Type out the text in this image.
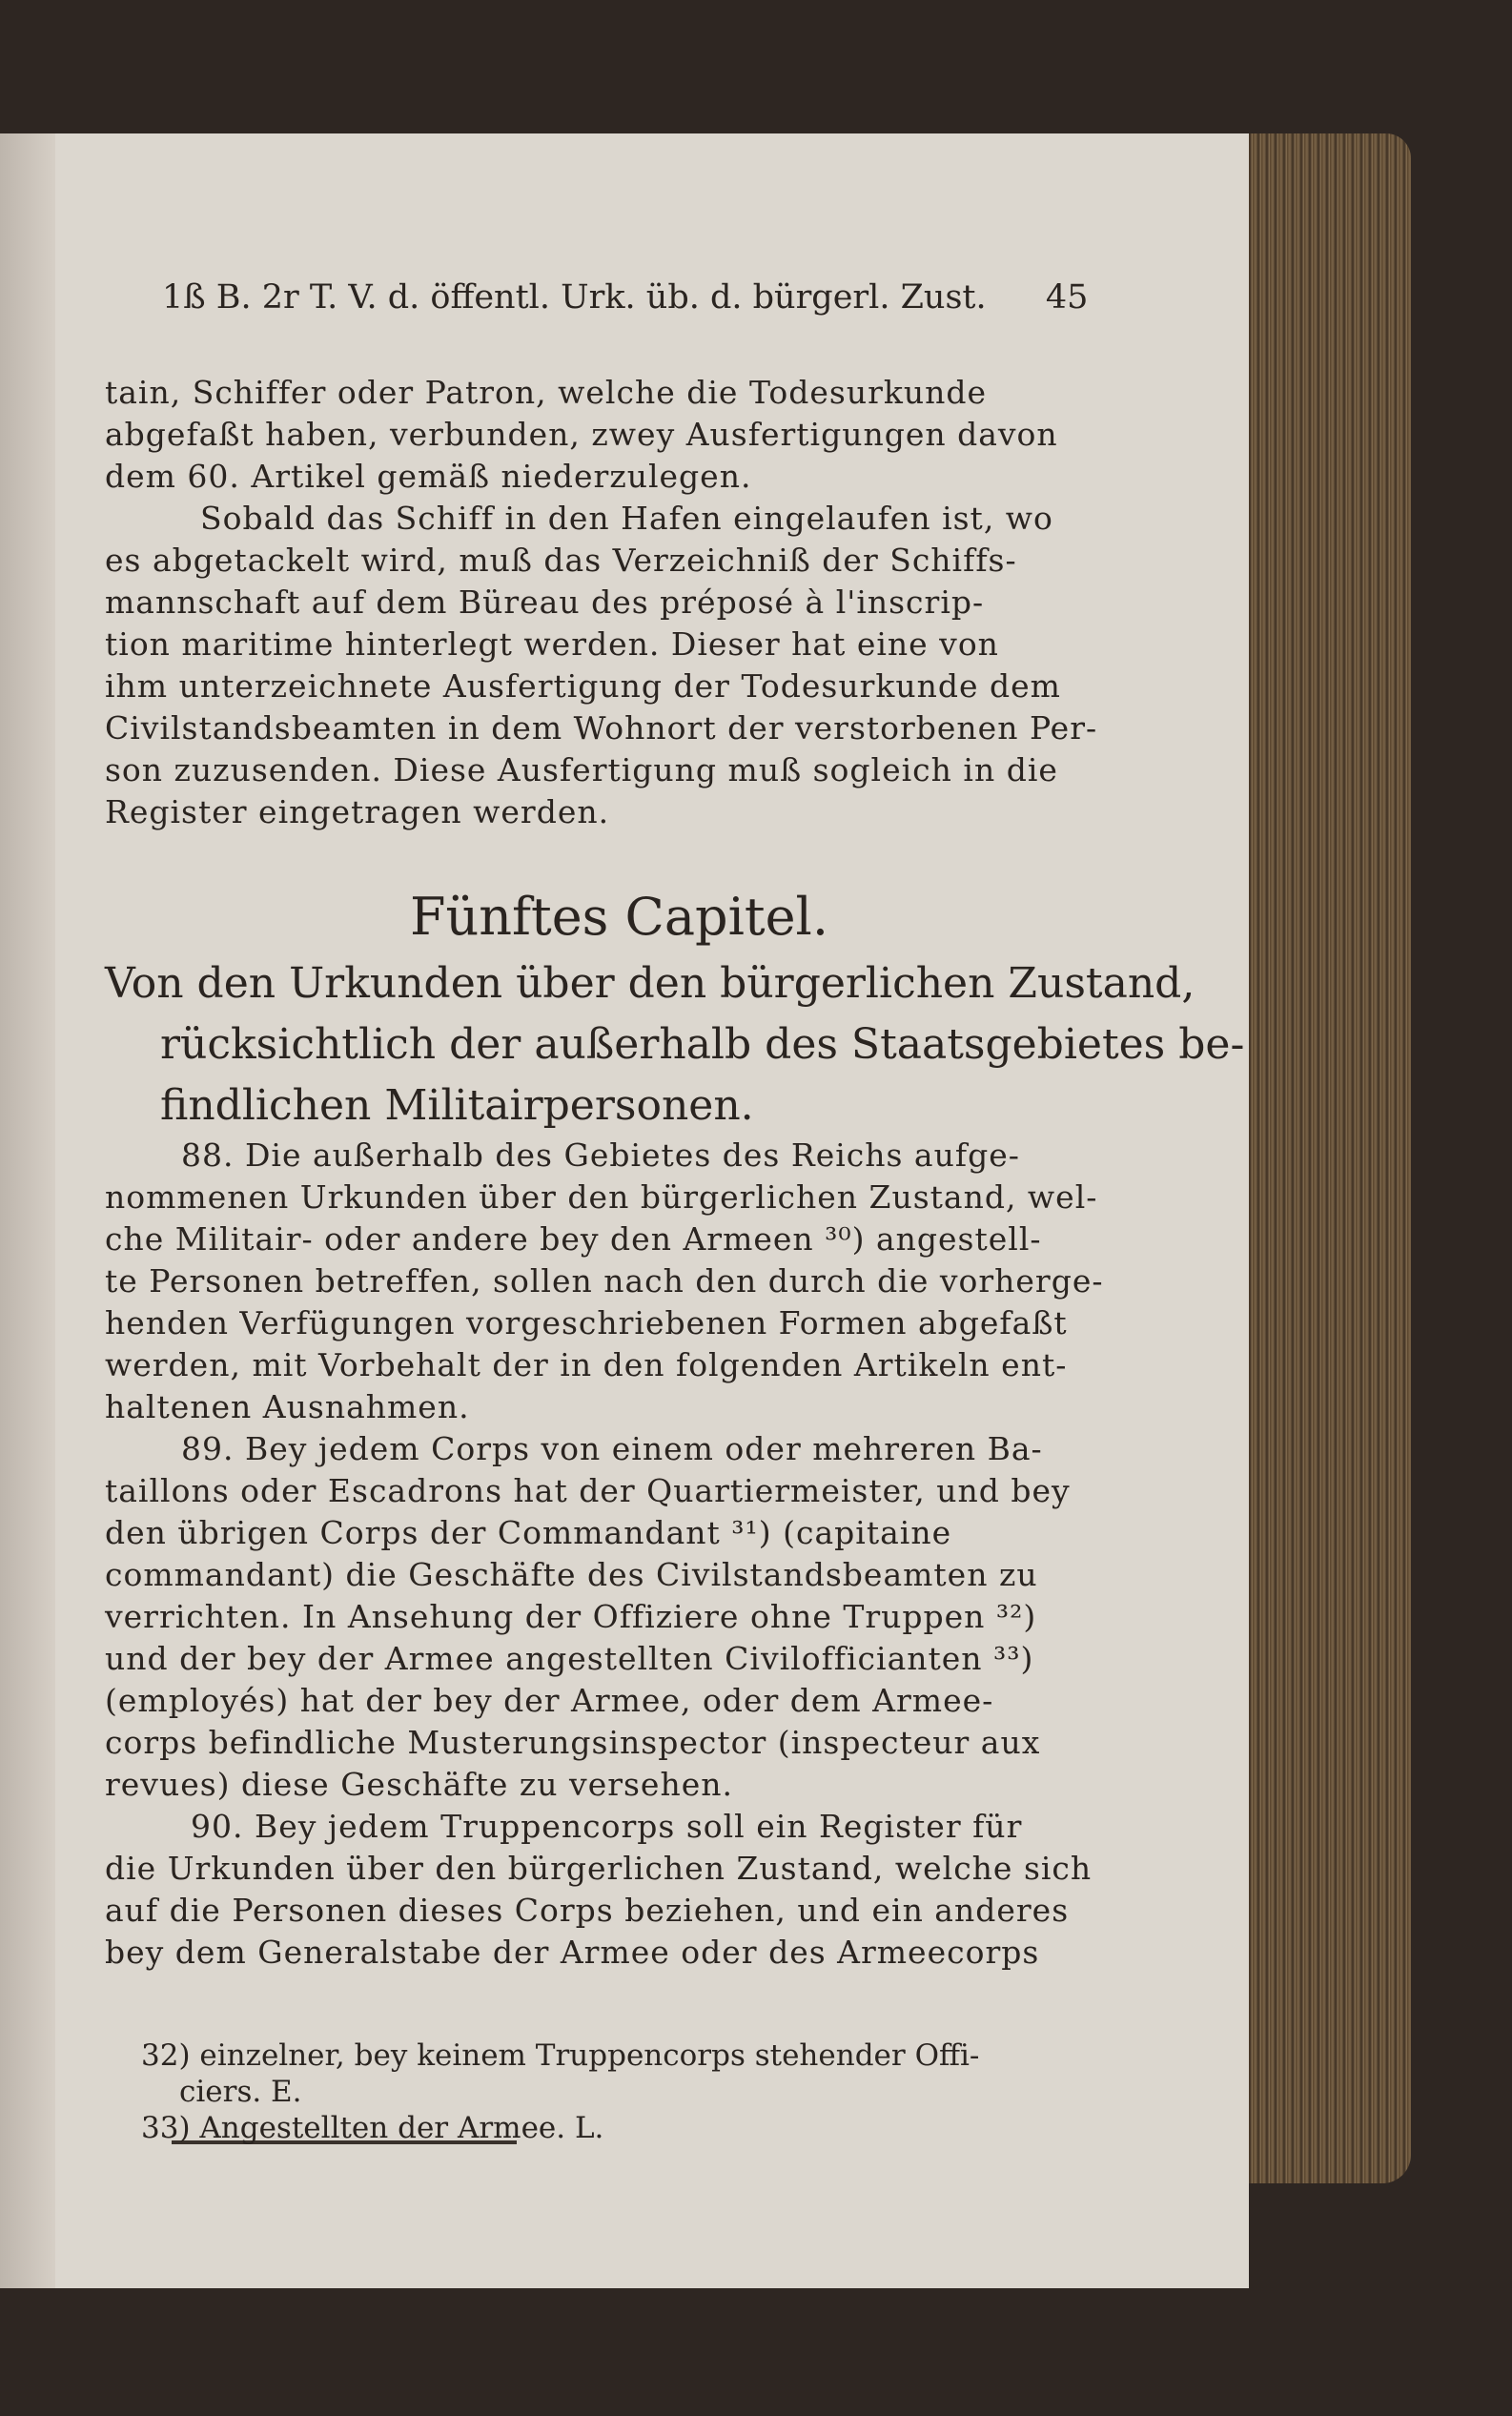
1ß B. 2r T. V. d. öffentl. Urk. üb. d. bürgerl. Zust. 45
tain, Schiffer oder Patron, welche die Todesurkunde
abgefaßt haben, verbunden, zwey Ausfertigungen davon
dem 60. Artikel gemäß niederzulegen.
Sobald das Schiff in den Hafen eingelaufen ist, wo
es abgetackelt wird, muß das Verzeichniß der Schiffs-
mannschaft auf dem Büreau des préposé à l'inscrip-
tion maritime hinterlegt werden. Dieser hat eine von
ihm unterzeichnete Ausfertigung der Todesurkunde dem
Civilstandsbeamten in dem Wohnort der verstorbenen Per-
son zuzusenden. Diese Ausfertigung muß sogleich in die
Register eingetragen werden.
Fünftes Capitel.
Von den Urkunden über den bürgerlichen Zustand,
rücksichtlich der außerhalb des Staatsgebietes be-
findlichen Militairpersonen.
88. Die außerhalb des Gebietes des Reichs aufge-
nommenen Urkunden über den bürgerlichen Zustand, wel-
che Militair- oder andere bey den Armeen ³⁰) angestell-
te Personen betreffen, sollen nach den durch die vorherge-
henden Verfügungen vorgeschriebenen Formen abgefaßt
werden, mit Vorbehalt der in den folgenden Artikeln ent-
haltenen Ausnahmen.
89. Bey jedem Corps von einem oder mehreren Ba-
taillons oder Escadrons hat der Quartiermeister, und bey
den übrigen Corps der Commandant ³¹) (capitaine
commandant) die Geschäfte des Civilstandsbeamten zu
verrichten. In Ansehung der Offiziere ohne Truppen ³²)
und der bey der Armee angestellten Civilofficianten ³³)
(employés) hat der bey der Armee, oder dem Armee-
corps befindliche Musterungsinspector (inspecteur aux
revues) diese Geschäfte zu versehen.
90. Bey jedem Truppencorps soll ein Register für
die Urkunden über den bürgerlichen Zustand, welche sich
auf die Personen dieses Corps beziehen, und ein anderes
bey dem Generalstabe der Armee oder des Armeecorps
32) einzelner, bey keinem Truppencorps stehender Offi-
ciers. E.
33) Angestellten der Armee. L.
